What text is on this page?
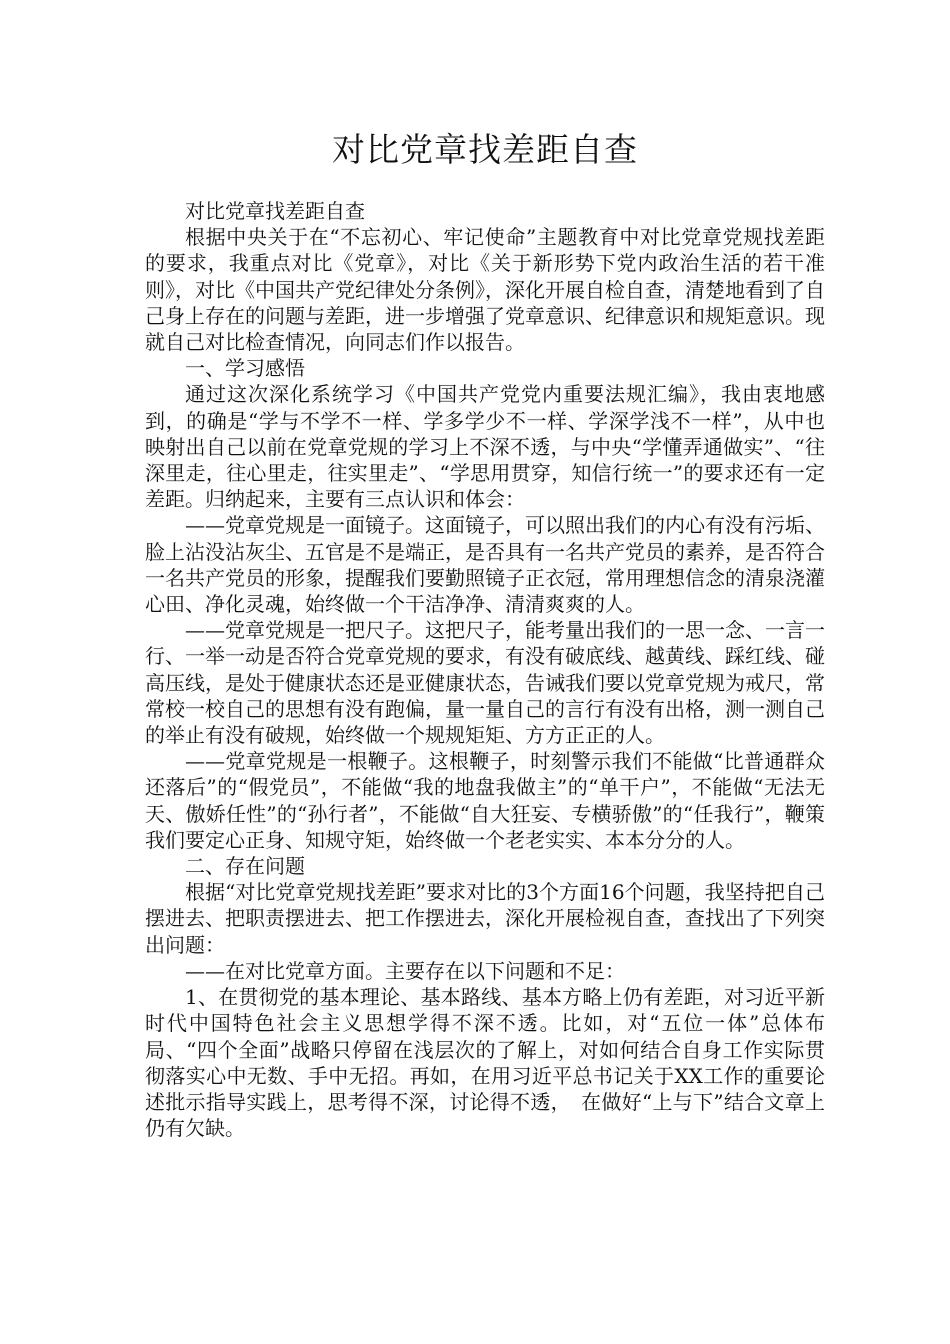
对比党章找差距自查

对比党章找差距自查

根据中央关于在“不忘初心、牢记使命”主题教育中对比党章党规找差距的要求，我重点对比《党章》，对比《关于新形势下党内政治生活的若干准则》，对比《中国共产党纪律处分条例》，深化开展自检自查，清楚地看到了自己身上存在的问题与差距，进一步增强了党章意识、纪律意识和规矩意识。现就自己对比检查情况，向同志们作以报告。

一、学习感悟

通过这次深化系统学习《中国共产党党内重要法规汇编》，我由衷地感到，的确是“学与不学不一样、学多学少不一样、学深学浅不一样”，从中也映射出自己以前在党章党规的学习上不深不透，与中央“学懂弄通做实”、“往深里走，往心里走，往实里走”、“学思用贯穿，知信行统一”的要求还有一定差距。归纳起来，主要有三点认识和体会：

——党章党规是一面镜子。这面镜子，可以照出我们的内心有没有污垢、脸上沾没沾灰尘、五官是不是端正，是否具有一名共产党员的素养，是否符合一名共产党员的形象，提醒我们要勤照镜子正衣冠，常用理想信念的清泉浇灌心田、净化灵魂，始终做一个干洁净净、清清爽爽的人。

——党章党规是一把尺子。这把尺子，能考量出我们的一思一念、一言一行、一举一动是否符合党章党规的要求，有没有破底线、越黄线、踩红线、碰高压线，是处于健康状态还是亚健康状态，告诫我们要以党章党规为戒尺，常常校一校自己的思想有没有跑偏，量一量自己的言行有没有出格，测一测自己的举止有没有破规，始终做一个规规矩矩、方方正正的人。

——党章党规是一根鞭子。这根鞭子，时刻警示我们不能做“比普通群众还落后”的“假党员”，不能做“我的地盘我做主”的“单干户”，不能做“无法无天、傲娇任性”的“孙行者”，不能做“自大狂妄、专横骄傲”的“任我行”，鞭策我们要定心正身、知规守矩，始终做一个老老实实、本本分分的人。

二、存在问题

根据“对比党章党规找差距”要求对比的3个方面16个问题，我坚持把自己摆进去、把职责摆进去、把工作摆进去，深化开展检视自查，查找出了下列突出问题：

——在对比党章方面。主要存在以下问题和不足：

1、在贯彻党的基本理论、基本路线、基本方略上仍有差距，对习近平新时代中国特色社会主义思想学得不深不透。比如，对“五位一体”总体布局、“四个全面”战略只停留在浅层次的了解上，对如何结合自身工作实际贯彻落实心中无数、手中无招。再如，在用习近平总书记关于XX工作的重要论述批示指导实践上，思考得不深，讨论得不透，　在做好“上与下”结合文章上仍有欠缺。
